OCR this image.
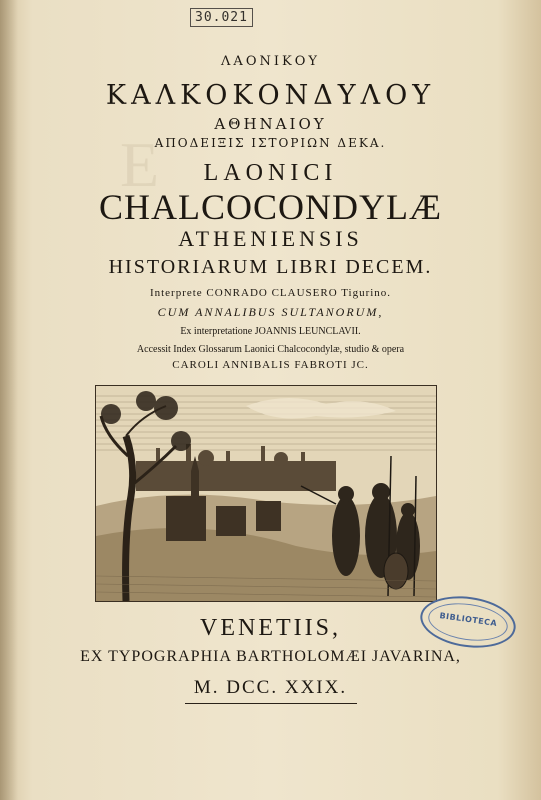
30.021
E
ΛΑΟΝΙΚΟΥ
ΚΑΛΚΟΚΟΝΔΥΛΟΥ
ΑΘΗΝΑΙΟΥ
ΑΠΟΔΕΙΞΙΣ ΙΣΤΟΡΙΩΝ ΔΕΚΑ.
LAONICI
CHALCOCONDYLÆ
ATHENIENSIS
HISTORIARUM LIBRI DECEM.
Interprete CONRADO CLAUSERO Tigurino.
CUM ANNALIBUS SULTANORUM,
Ex interpretatione JOANNIS LEUNCLAVII.
Accessit Index Glossarum Laonici Chalcocondylæ, studio & opera
CAROLI ANNIBALIS FABROTI JC.
BIBLIOTECA
VENETIIS,
EX TYPOGRAPHIA BARTHOLOMÆI JAVARINA,
M. DCC. XXIX.
